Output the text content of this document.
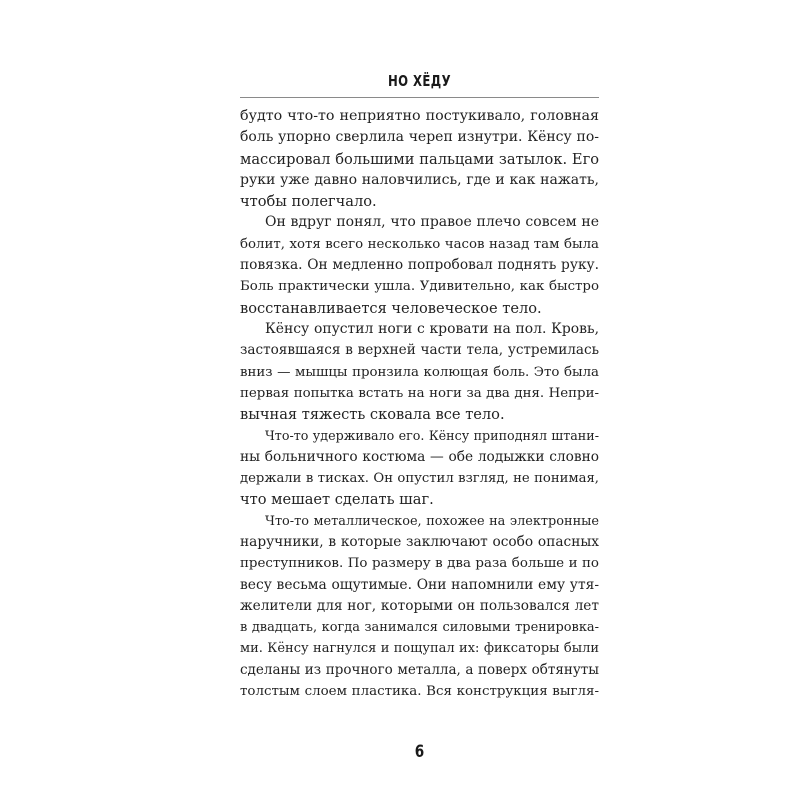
НО ХЁДУ
будто что-то неприятно постукивало, головная
боль упорно сверлила череп изнутри. Кёнсу по-
массировал большими пальцами затылок. Его
руки уже давно наловчились, где и как нажать,
чтобы полегчало.
Он вдруг понял, что правое плечо совсем не
болит, хотя всего несколько часов назад там была
повязка. Он медленно попробовал поднять руку.
Боль практически ушла. Удивительно, как быстро
восстанавливается человеческое тело.
Кёнсу опустил ноги с кровати на пол. Кровь,
застоявшаяся в верхней части тела, устремилась
вниз — мышцы пронзила колющая боль. Это была
первая попытка встать на ноги за два дня. Непри-
вычная тяжесть сковала все тело.
Что-то удерживало его. Кёнсу приподнял штани-
ны больничного костюма — обе лодыжки словно
держали в тисках. Он опустил взгляд, не понимая,
что мешает сделать шаг.
Что-то металлическое, похожее на электронные
наручники, в которые заключают особо опасных
преступников. По размеру в два раза больше и по
весу весьма ощутимые. Они напомнили ему утя-
желители для ног, которыми он пользовался лет
в двадцать, когда занимался силовыми тренировка-
ми. Кёнсу нагнулся и пощупал их: фиксаторы были
сделаны из прочного металла, а поверх обтянуты
толстым слоем пластика. Вся конструкция выгля-
6
